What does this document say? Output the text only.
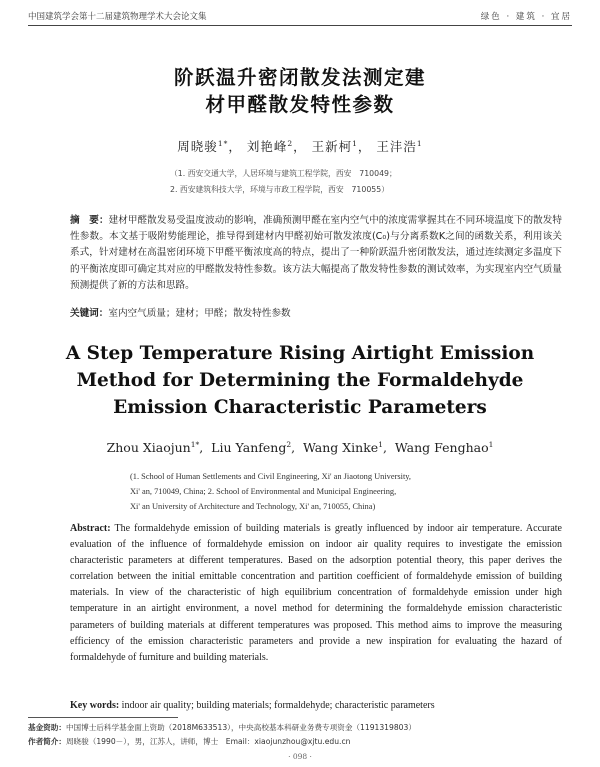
中国建筑学会第十二届建筑物理学术大会论文集	绿色 · 建筑 · 宜居
阶跃温升密闭散发法测定建
材甲醛散发特性参数
周晓骏$^{1*}$， 刘艳峰$^2$， 王新柯$^1$， 王沣浩$^1$
（1. 西安交通大学，人居环境与建筑工程学院，西安　710049；
2. 西安建筑科技大学，环境与市政工程学院，西安　710055）
摘　要：建材甲醛散发易受温度波动的影响，准确预测甲醛在室内空气中的浓度需掌握其在不同环境温度下的散发特性参数。本文基于吸附势能理论，推导得到建材内甲醛初始可散发浓度(C₀)与分离系数K之间的函数关系，利用该关系式，针对建材在高温密闭环境下甲醛平衡浓度高的特点，提出了一种阶跃温升密闭散发法，通过连续测定多温度下的平衡浓度即可确定其对应的甲醛散发特性参数。该方法大幅提高了散发特性参数的测试效率，为实现室内空气质量预测提供了新的方法和思路。
关键词：室内空气质量；建材；甲醛；散发特性参数
A Step Temperature Rising Airtight Emission
Method for Determining the Formaldehyde
Emission Characteristic Parameters
Zhou Xiaojun$^{1*}$,  Liu Yanfeng$^2$,  Wang Xinke$^1$,  Wang Fenghao$^1$
(1. School of Human Settlements and Civil Engineering, Xi' an Jiaotong University,
Xi' an, 710049, China; 2. School of Environmental and Municipal Engineering,
Xi' an University of Architecture and Technology, Xi' an, 710055, China)
Abstract: The formaldehyde emission of building materials is greatly influenced by indoor air temperature. Accurate evaluation of the influence of formaldehyde emission on indoor air quality requires to investigate the emission characteristic parameters at different temperatures. Based on the adsorption potential theory, this paper derives the correlation between the initial emittable concentration and partition coefficient of formaldehyde emission of building materials. In view of the characteristic of high equilibrium concentration of formaldehyde emission under high temperature in an airtight environment, a novel method for determining the formaldehyde emission characteristic parameters of building materials at different temperatures was proposed. This method aims to improve the measuring efficiency of the emission characteristic parameters and provide a new inspiration for evaluating the hazard of formaldehyde of furniture and building materials.
Key words: indoor air quality; building materials; formaldehyde; characteristic parameters
基金资助：中国博士后科学基金面上资助（2018M633513），中央高校基本科研业务费专项资金（1191319803）
作者简介：周晓骏（1990－），男，江苏人，讲师，博士　Email：xiaojunzhou@xjtu.edu.cn
· 098 ·
